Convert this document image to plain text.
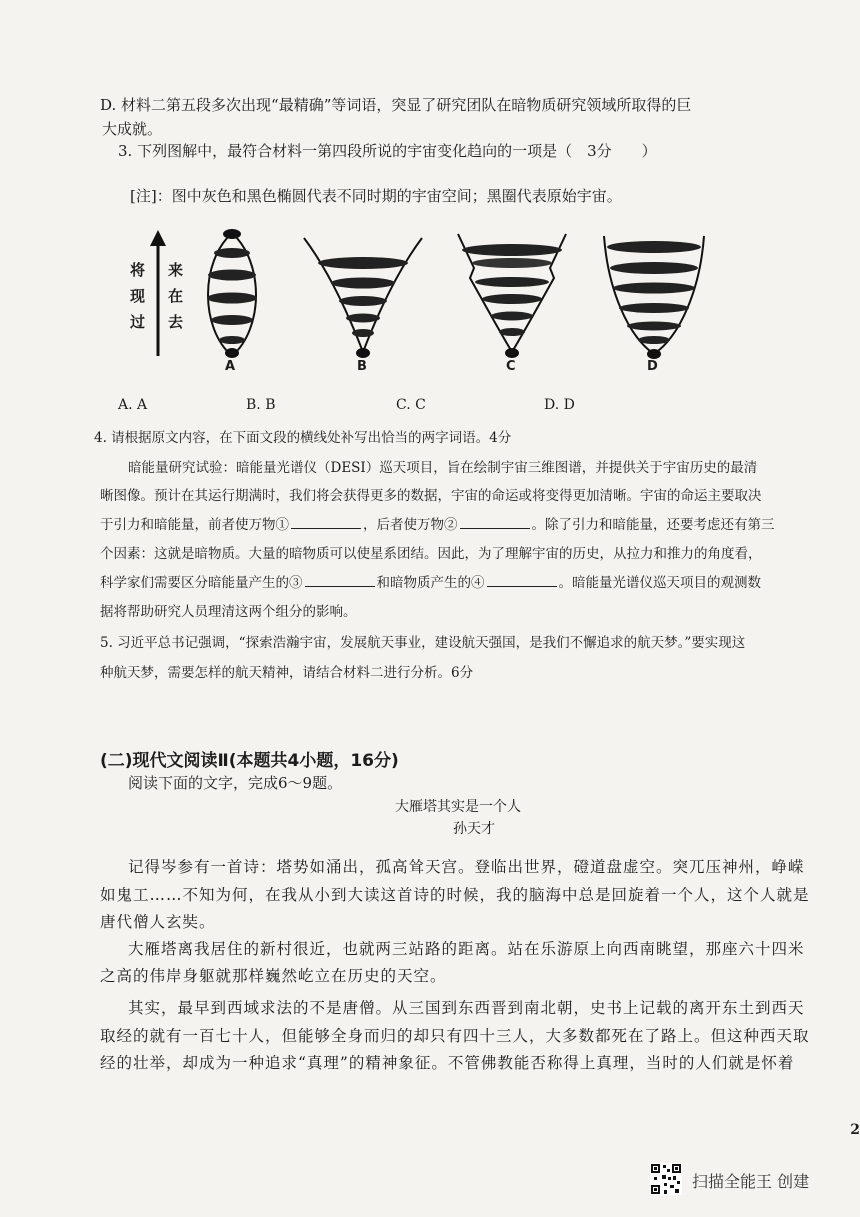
D. 材料二第五段多次出现“最精确”等词语，突显了研究团队在暗物质研究领域所取得的巨
大成就。
3. 下列图解中，最符合材料一第四段所说的宇宙变化趋向的一项是（　3分　　）
[注]：图中灰色和黑色椭圆代表不同时期的宇宙空间；黑圈代表原始宇宙。
将
现
过
来
在
去
A	B	C	D
A. A	B. B	C. C	D. D
4. 请根据原文内容，在下面文段的横线处补写出恰当的两字词语。4分
暗能量研究试验：暗能量光谱仪（DESI）巡天项目，旨在绘制宇宙三维图谱，并提供关于宇宙历史的最清
晰图像。预计在其运行期满时，我们将会获得更多的数据，宇宙的命运或将变得更加清晰。宇宙的命运主要取决
于引力和暗能量，前者使万物①	，后者使万物②	。除了引力和暗能量，还要考虑还有第三
个因素：这就是暗物质。大量的暗物质可以使星系团结。因此，为了理解宇宙的历史，从拉力和推力的角度看，
科学家们需要区分暗能量产生的③	和暗物质产生的④	。暗能量光谱仪巡天项目的观测数
据将帮助研究人员理清这两个组分的影响。
5. 习近平总书记强调，“探索浩瀚宇宙，发展航天事业，建设航天强国，是我们不懈追求的航天梦。”要实现这
种航天梦，需要怎样的航天精神，请结合材料二进行分析。6分
(二)现代文阅读Ⅱ(本题共4小题，16分)
阅读下面的文字，完成6～9题。
大雁塔其实是一个人
孙天才
记得岑参有一首诗：塔势如涌出，孤高耸天宫。登临出世界，磴道盘虚空。突兀压神州，峥嵘
如鬼工……不知为何，在我从小到大读这首诗的时候，我的脑海中总是回旋着一个人，这个人就是
唐代僧人玄奘。
大雁塔离我居住的新村很近，也就两三站路的距离。站在乐游原上向西南眺望，那座六十四米
之高的伟岸身躯就那样巍然屹立在历史的天空。
其实，最早到西域求法的不是唐僧。从三国到东西晋到南北朝，史书上记载的离开东土到西天
取经的就有一百七十人，但能够全身而归的却只有四十三人，大多数都死在了路上。但这种西天取
经的壮举，却成为一种追求“真理”的精神象征。不管佛教能否称得上真理，当时的人们就是怀着
2
扫描全能王 创建
